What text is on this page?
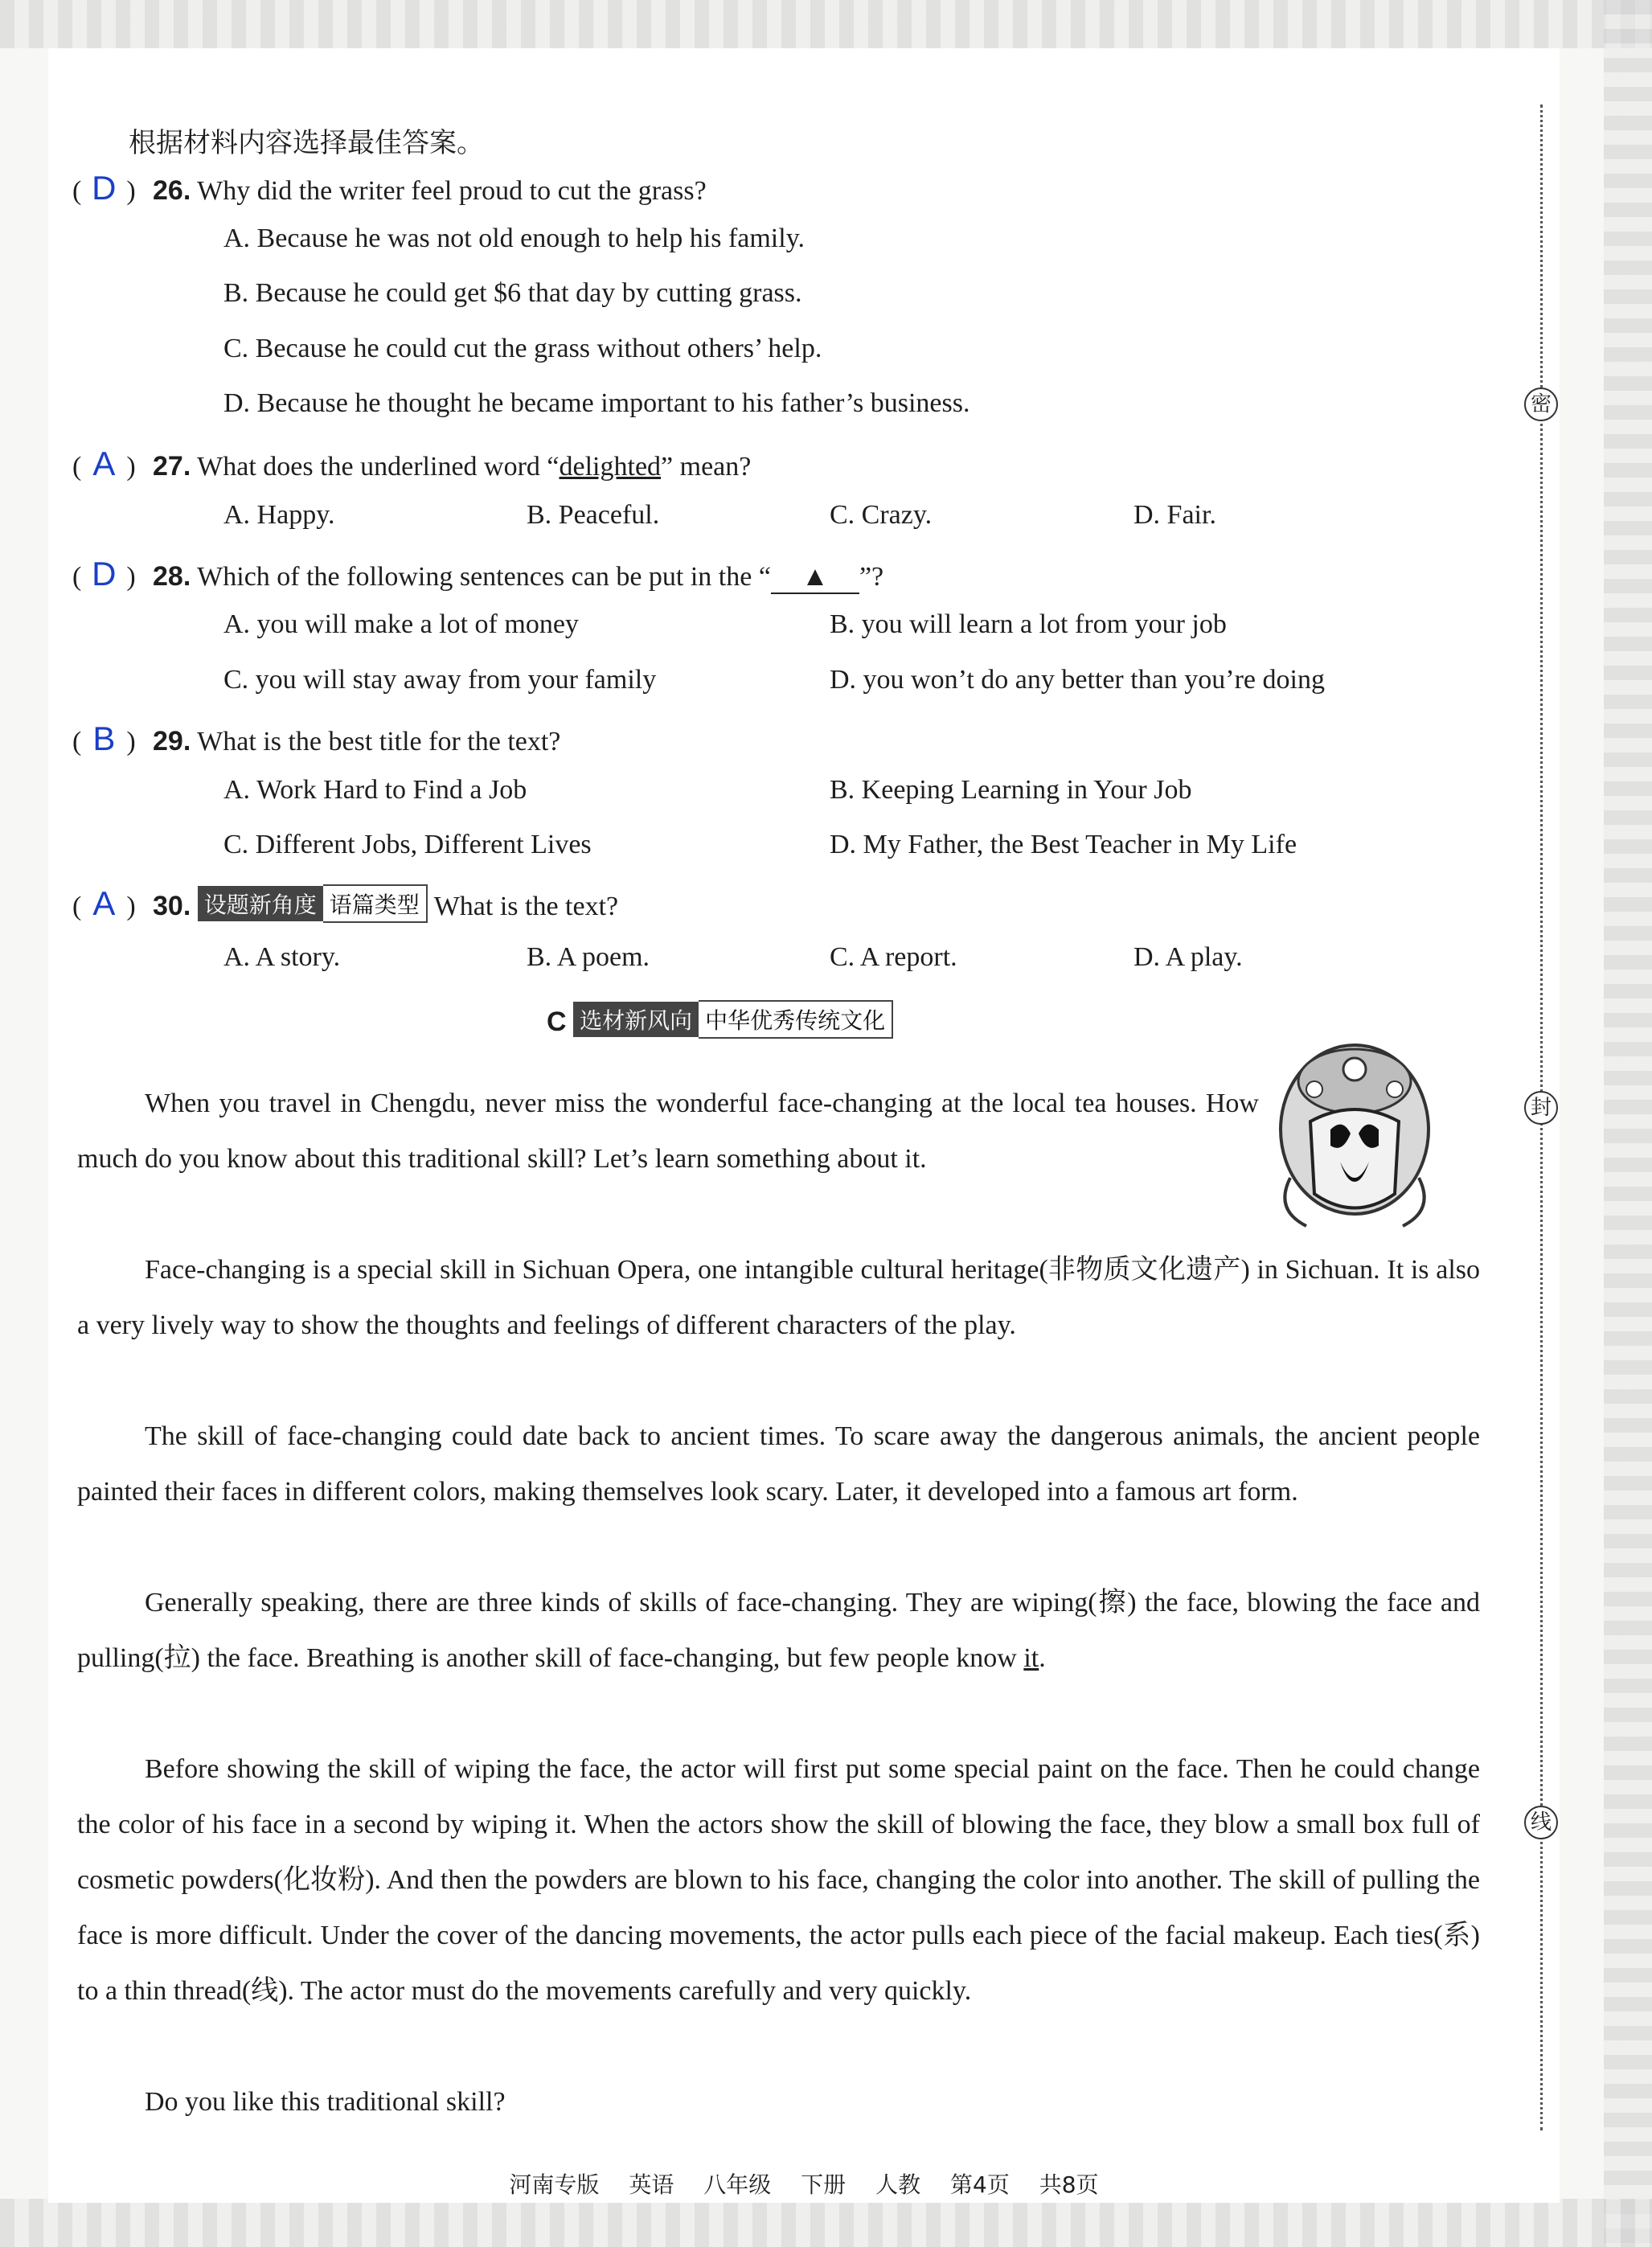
密
封
线
根据材料内容选择最佳答案。
( D ) 26. Why did the writer feel proud to cut the grass?
A. Because he was not old enough to help his family.
B. Because he could get $6 that day by cutting grass.
C. Because he could cut the grass without others’ help.
D. Because he thought he became important to his father’s business.
( A ) 27. What does the underlined word “delighted” mean?
A. Happy.	B. Peaceful.	C. Crazy.	D. Fair.
( D ) 28. Which of the following sentences can be put in the “ ▲ ”?
A. you will make a lot of money	B. you will learn a lot from your job
C. you will stay away from your family	D. you won’t do any better than you’re doing
( B ) 29. What is the best title for the text?
A. Work Hard to Find a Job	B. Keeping Learning in Your Job
C. Different Jobs, Different Lives	D. My Father, the Best Teacher in My Life
( A ) 30. 设题新角度 语篇类型 What is the text?
A. A story.	B. A poem.	C. A report.	D. A play.
C 选材新风向 中华优秀传统文化

When you travel in Chengdu, never miss the wonderful face-changing at the local tea houses. How much do you know about this traditional skill? Let’s learn something about it.

Face-changing is a special skill in Sichuan Opera, one intangible cultural heritage(非物质文化遗产) in Sichuan. It is also a very lively way to show the thoughts and feelings of different characters of the play.

The skill of face-changing could date back to ancient times. To scare away the dangerous animals, the ancient people painted their faces in different colors, making themselves look scary. Later, it developed into a famous art form.

Generally speaking, there are three kinds of skills of face-changing. They are wiping(擦) the face, blowing the face and pulling(拉) the face. Breathing is another skill of face-changing, but few people know it.

Before showing the skill of wiping the face, the actor will first put some special paint on the face. Then he could change the color of his face in a second by wiping it. When the actors show the skill of blowing the face, they blow a small box full of cosmetic powders(化妆粉). And then the powders are blown to his face, changing the color into another. The skill of pulling the face is more difficult. Under the cover of the dancing movements, the actor pulls each piece of the facial makeup. Each ties(系) to a thin thread(线). The actor must do the movements carefully and very quickly.

Do you like this traditional skill?

河南专版 英语 八年级 下册 人教 第4页 共8页
